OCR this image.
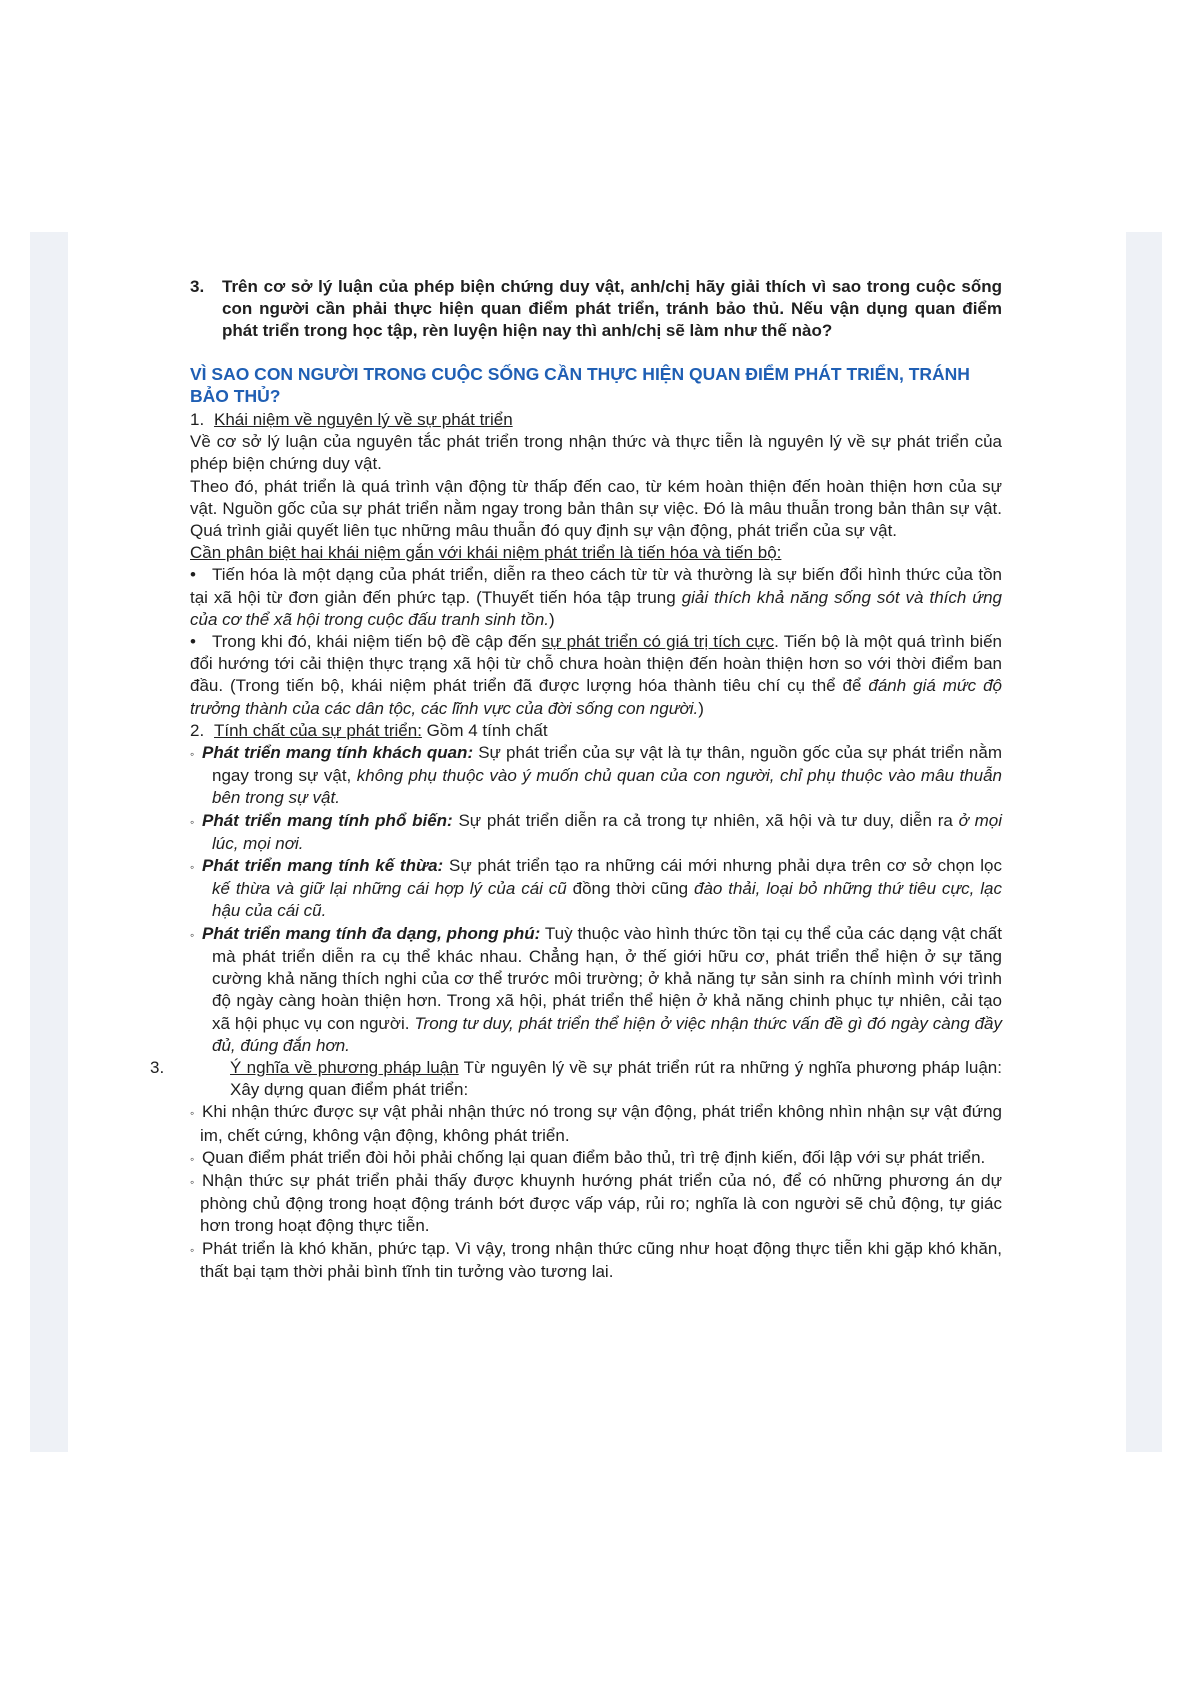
3.	Trên cơ sở lý luận của phép biện chứng duy vật, anh/chị hãy giải thích vì sao trong cuộc sống con người cần phải thực hiện quan điểm phát triển, tránh bảo thủ. Nếu vận dụng quan điểm phát triển trong học tập, rèn luyện hiện nay thì anh/chị sẽ làm như thế nào?
VÌ SAO CON NGƯỜI TRONG CUỘC SỐNG CẦN THỰC HIỆN QUAN ĐIỂM PHÁT TRIỂN, TRÁNH BẢO THỦ?

1. Khái niệm về nguyên lý về sự phát triển

Về cơ sở lý luận của nguyên tắc phát triển trong nhận thức và thực tiễn là nguyên lý về sự phát triển của phép biện chứng duy vật.

Theo đó, phát triển là quá trình vận động từ thấp đến cao, từ kém hoàn thiện đến hoàn thiện hơn của sự vật. Nguồn gốc của sự phát triển nằm ngay trong bản thân sự việc. Đó là mâu thuẫn trong bản thân sự vật. Quá trình giải quyết liên tục những mâu thuẫn đó quy định sự vận động, phát triển của sự vật.

Cần phân biệt hai khái niệm gắn với khái niệm phát triển là tiến hóa và tiến bộ:

• Tiến hóa là một dạng của phát triển, diễn ra theo cách từ từ và thường là sự biến đổi hình thức của tồn tại xã hội từ đơn giản đến phức tạp. (Thuyết tiến hóa tập trung giải thích khả năng sống sót và thích ứng của cơ thể xã hội trong cuộc đấu tranh sinh tồn.)

• Trong khi đó, khái niệm tiến bộ đề cập đến sự phát triển có giá trị tích cực. Tiến bộ là một quá trình biến đổi hướng tới cải thiện thực trạng xã hội từ chỗ chưa hoàn thiện đến hoàn thiện hơn so với thời điểm ban đầu. (Trong tiến bộ, khái niệm phát triển đã được lượng hóa thành tiêu chí cụ thể để đánh giá mức độ trưởng thành của các dân tộc, các lĩnh vực của đời sống con người.)

2. Tính chất của sự phát triển: Gồm 4 tính chất

◦ Phát triển mang tính khách quan: Sự phát triển của sự vật là tự thân, nguồn gốc của sự phát triển nằm ngay trong sự vật, không phụ thuộc vào ý muốn chủ quan của con người, chỉ phụ thuộc vào mâu thuẫn bên trong sự vật.

◦ Phát triển mang tính phổ biến: Sự phát triển diễn ra cả trong tự nhiên, xã hội và tư duy, diễn ra ở mọi lúc, mọi nơi.

◦ Phát triển mang tính kế thừa: Sự phát triển tạo ra những cái mới nhưng phải dựa trên cơ sở chọn lọc kế thừa và giữ lại những cái hợp lý của cái cũ đồng thời cũng đào thải, loại bỏ những thứ tiêu cực, lạc hậu của cái cũ.

◦ Phát triển mang tính đa dạng, phong phú: Tuỳ thuộc vào hình thức tồn tại cụ thể của các dạng vật chất mà phát triển diễn ra cụ thể khác nhau. Chẳng hạn, ở thế giới hữu cơ, phát triển thể hiện ở sự tăng cường khả năng thích nghi của cơ thể trước môi trường; ở khả năng tự sản sinh ra chính mình với trình độ ngày càng hoàn thiện hơn. Trong xã hội, phát triển thể hiện ở khả năng chinh phục tự nhiên, cải tạo xã hội phục vụ con người. Trong tư duy, phát triển thể hiện ở việc nhận thức vấn đề gì đó ngày càng đầy đủ, đúng đắn hơn.

3.	Ý nghĩa về phương pháp luận Từ nguyên lý về sự phát triển rút ra những ý nghĩa phương pháp luận: Xây dựng quan điểm phát triển:

◦ Khi nhận thức được sự vật phải nhận thức nó trong sự vận động, phát triển không nhìn nhận sự vật đứng im, chết cứng, không vận động, không phát triển.

◦ Quan điểm phát triển đòi hỏi phải chống lại quan điểm bảo thủ, trì trệ định kiến, đối lập với sự phát triển.

◦ Nhận thức sự phát triển phải thấy được khuynh hướng phát triển của nó, để có những phương án dự phòng chủ động trong hoạt động tránh bớt được vấp váp, rủi ro; nghĩa là con người sẽ chủ động, tự giác hơn trong hoạt động thực tiễn.

◦ Phát triển là khó khăn, phức tạp. Vì vậy, trong nhận thức cũng như hoạt động thực tiễn khi gặp khó khăn, thất bại tạm thời phải bình tĩnh tin tưởng vào tương lai.
